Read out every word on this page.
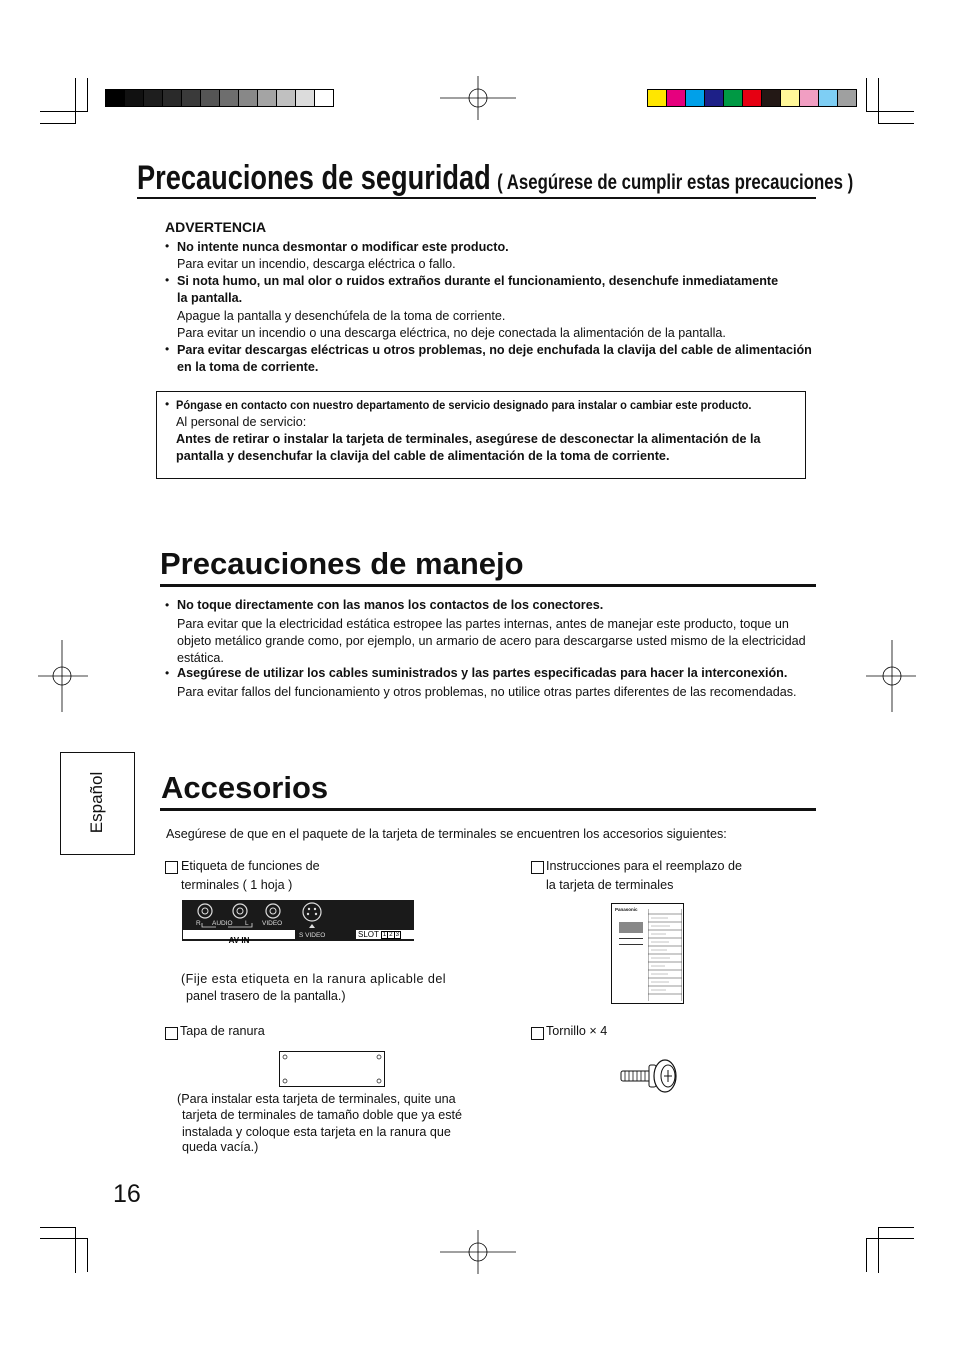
Precauciones de seguridad ( Asegúrese de cumplir estas precauciones )
ADVERTENCIA
• No intente nunca desmontar o modificar este producto.
Para evitar un incendio, descarga eléctrica o fallo.
• Si nota humo, un mal olor o ruidos extraños durante el funcionamiento, desenchufe inmediatamente
la pantalla.
Apague la pantalla y desenchúfela de la toma de corriente.
Para evitar un incendio o una descarga eléctrica, no deje conectada la alimentación de la pantalla.
• Para evitar descargas eléctricas u otros problemas, no deje enchufada la clavija del cable de alimentación
en la toma de corriente.
• Póngase en contacto con nuestro departamento de servicio designado para instalar o cambiar este producto.
Al personal de servicio:
Antes de retirar o instalar la tarjeta de terminales, asegúrese de desconectar la alimentación de la
pantalla y desenchufar la clavija del cable de alimentación de la toma de corriente.
Precauciones de manejo
• No toque directamente con las manos los contactos de los conectores.
Para evitar que la electricidad estática estropee las partes internas, antes de manejar este producto, toque un
objeto metálico grande como, por ejemplo, un armario de acero para descargarse usted mismo de la electricidad
estática.
• Asegúrese de utilizar los cables suministrados y las partes especificadas para hacer la interconexión.
Para evitar fallos del funcionamiento y otros problemas, no utilice otras partes diferentes de las recomendadas.
Español	Accesorios
Asegúrese de que en el paquete de la tarjeta de terminales se encuentren los accesorios siguientes:
Etiqueta de funciones de
terminales ( 1 hoja )
R AUDIO L VIDEO
S VIDEO
AV IN
SLOT 1 2 3
(Fije esta etiqueta en la ranura aplicable del
panel trasero de la pantalla.)
Instrucciones para el reemplazo de
la tarjeta de terminales
Panasonic
Tapa de ranura
(Para instalar esta tarjeta de terminales, quite una
tarjeta de terminales de tamaño doble que ya esté
instalada y coloque esta tarjeta en la ranura que
queda vacía.)
Tornillo × 4
16
